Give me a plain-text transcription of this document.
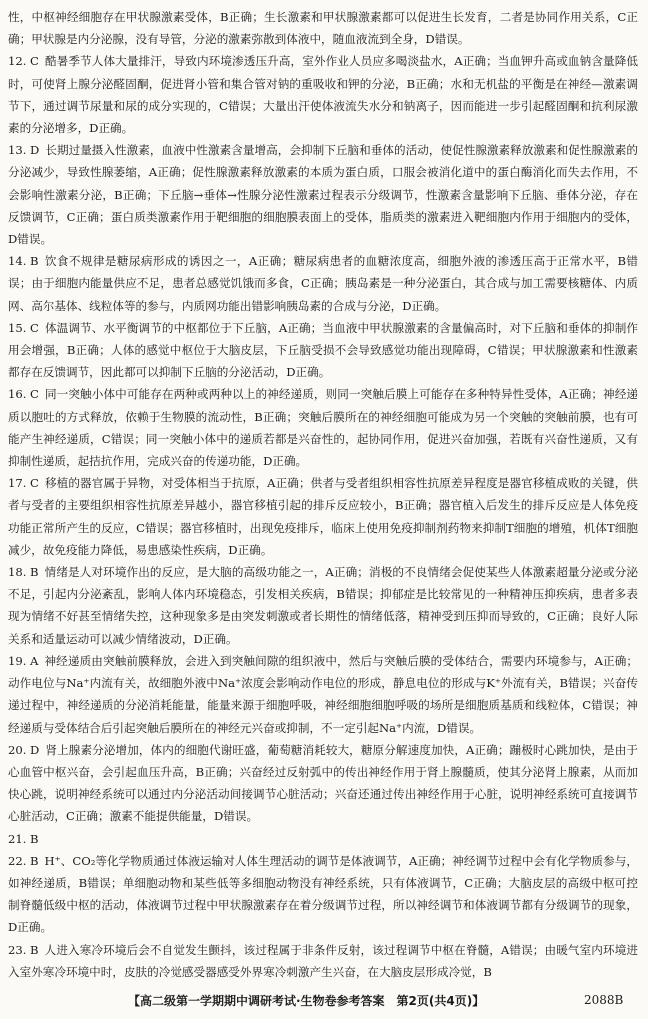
性，中枢神经细胞存在甲状腺激素受体，B正确；生长激素和甲状腺激素都可以促进生长发育，二者是协同作用关系，C正确；甲状腺是内分泌腺，没有导管，分泌的激素弥散到体液中，随血液流到全身，D错误。

12. C 酷暑季节人体大量排汗，导致内环境渗透压升高，室外作业人员应多喝淡盐水，A正确；当血钾升高或血钠含量降低时，可使肾上腺分泌醛固酮，促进肾小管和集合管对钠的重吸收和钾的分泌，B正确；水和无机盐的平衡是在神经—激素调节下，通过调节尿量和尿的成分实现的，C错误；大量出汗使体液流失水分和钠离子，因而能进一步引起醛固酮和抗利尿激素的分泌增多，D正确。

13. D 长期过量摄入性激素，血液中性激素含量增高，会抑制下丘脑和垂体的活动，使促性腺激素释放激素和促性腺激素的分泌减少，导致性腺萎缩，A正确；促性腺激素释放激素的本质为蛋白质，口服会被消化道中的蛋白酶消化而失去作用，不会影响性激素分泌，B正确；下丘脑→垂体→性腺分泌性激素过程表示分级调节，性激素含量影响下丘脑、垂体分泌，存在反馈调节，C正确；蛋白质类激素作用于靶细胞的细胞膜表面上的受体，脂质类的激素进入靶细胞内作用于细胞内的受体，D错误。

14. B 饮食不规律是糖尿病形成的诱因之一，A正确；糖尿病患者的血糖浓度高，细胞外液的渗透压高于正常水平，B错误；由于细胞内能量供应不足，患者总感觉饥饿而多食，C正确；胰岛素是一种分泌蛋白，其合成与加工需要核糖体、内质网、高尔基体、线粒体等的参与，内质网功能出错影响胰岛素的合成与分泌，D正确。

15. C 体温调节、水平衡调节的中枢都位于下丘脑，A正确；当血液中甲状腺激素的含量偏高时，对下丘脑和垂体的抑制作用会增强，B正确；人体的感觉中枢位于大脑皮层，下丘脑受损不会导致感觉功能出现障碍，C错误；甲状腺激素和性激素都存在反馈调节，因此都可以抑制下丘脑的分泌活动，D正确。

16. C 同一突触小体中可能存在两种或两种以上的神经递质，则同一突触后膜上可能存在多种特异性受体，A正确；神经递质以胞吐的方式释放，依赖于生物膜的流动性，B正确；突触后膜所在的神经细胞可能成为另一个突触的突触前膜，也有可能产生神经递质，C错误；同一突触小体中的递质若都是兴奋性的，起协同作用，促进兴奋加强，若既有兴奋性递质，又有抑制性递质，起拮抗作用，完成兴奋的传递功能，D正确。

17. C 移植的器官属于异物，对受体相当于抗原，A正确；供者与受者组织相容性抗原差异程度是器官移植成败的关键，供者与受者的主要组织相容性抗原差异越小，器官移植引起的排斥反应较小，B正确；器官植入后发生的排斥反应是人体免疫功能正常所产生的反应，C错误；器官移植时，出现免疫排斥，临床上使用免疫抑制剂药物来抑制T细胞的增殖，机体T细胞减少，故免疫能力降低，易患感染性疾病，D正确。

18. B 情绪是人对环境作出的反应，是大脑的高级功能之一，A正确；消极的不良情绪会促使某些人体激素超量分泌或分泌不足，引起内分泌紊乱，影响人体内环境稳态，引发相关疾病，B错误；抑郁症是比较常见的一种精神压抑疾病，患者多表现为情绪不好甚至情绪失控，这种现象多是由突发刺激或者长期性的情绪低落，精神受到压抑而导致的，C正确；良好人际关系和适量运动可以减少情绪波动，D正确。

19. A 神经递质由突触前膜释放，会进入到突触间隙的组织液中，然后与突触后膜的受体结合，需要内环境参与，A正确；动作电位与Na⁺内流有关，故细胞外液中Na⁺浓度会影响动作电位的形成，静息电位的形成与K⁺外流有关，B错误；兴奋传递过程中，神经递质的分泌消耗能量，能量来源于细胞呼吸，神经细胞细胞呼吸的场所是细胞质基质和线粒体，C错误；神经递质与受体结合后引起突触后膜所在的神经元兴奋或抑制，不一定引起Na⁺内流，D错误。

20. D 肾上腺素分泌增加，体内的细胞代谢旺盛，葡萄糖消耗较大，糖原分解速度加快，A正确；蹦极时心跳加快，是由于心血管中枢兴奋，会引起血压升高，B正确；兴奋经过反射弧中的传出神经作用于肾上腺髓质，使其分泌肾上腺素，从而加快心跳，说明神经系统可以通过内分泌活动间接调节心脏活动；兴奋还通过传出神经作用于心脏，说明神经系统可直接调节心脏活动，C正确；激素不能提供能量，D错误。

21. B

22. B H⁺、CO₂等化学物质通过体液运输对人体生理活动的调节是体液调节，A正确；神经调节过程中会有化学物质参与，如神经递质，B错误；单细胞动物和某些低等多细胞动物没有神经系统，只有体液调节，C正确；大脑皮层的高级中枢可控制脊髓低级中枢的活动，体液调节过程中甲状腺激素存在着分级调节过程，所以神经调节和体液调节都有分级调节的现象，D正确。

23. B 人进入寒冷环境后会不自觉发生颤抖，该过程属于非条件反射，该过程调节中枢在脊髓，A错误；由暖气室内环境进入室外寒冷环境中时，皮肤的冷觉感受器感受外界寒冷刺激产生兴奋，在大脑皮层形成冷觉，B

【高二级第一学期期中调研考试·生物卷参考答案　第2页(共4页)】	2088B
